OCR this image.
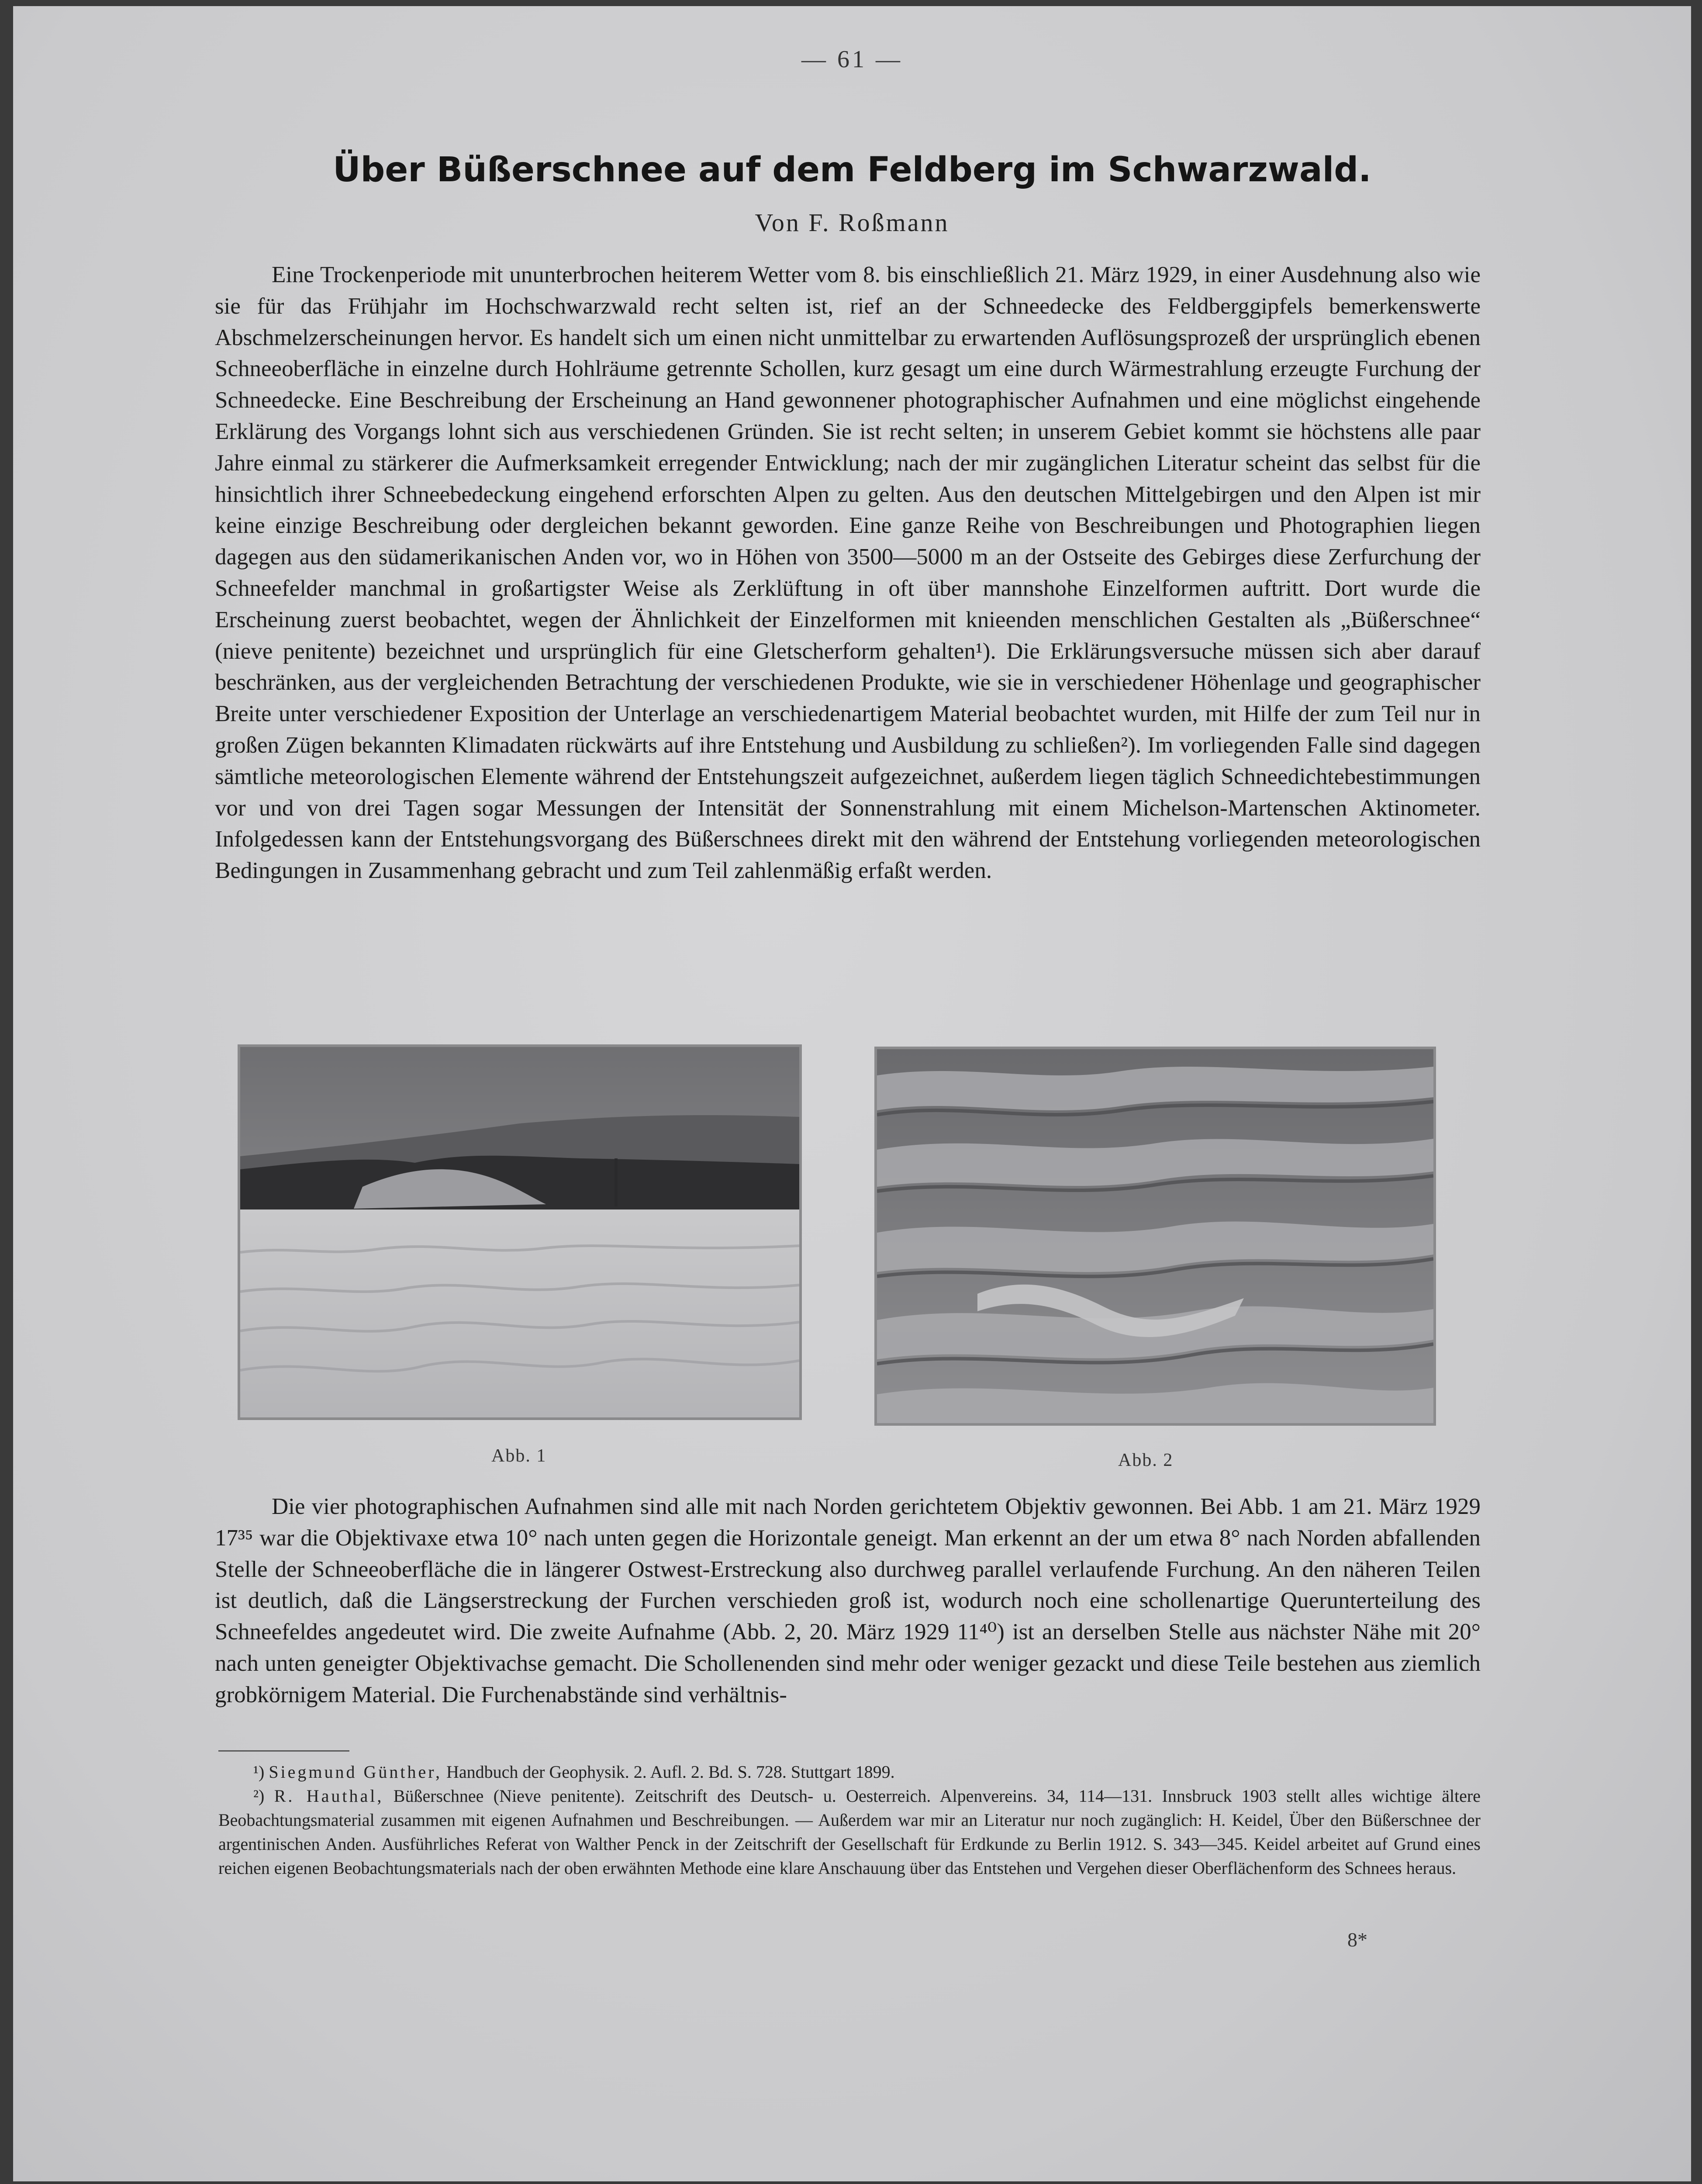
— 61 —
Über Büßerschnee auf dem Feldberg im Schwarzwald.
Von F. Roßmann

Eine Trockenperiode mit ununterbrochen heiterem Wetter vom 8. bis einschließlich 21. März 1929, in einer Ausdehnung also wie sie für das Frühjahr im Hochschwarzwald recht selten ist, rief an der Schneedecke des Feldberggipfels bemerkenswerte Abschmelzerscheinungen hervor. Es handelt sich um einen nicht unmittelbar zu erwartenden Auflösungsprozeß der ursprünglich ebenen Schneeoberfläche in einzelne durch Hohlräume getrennte Schollen, kurz gesagt um eine durch Wärmestrahlung erzeugte Furchung der Schneedecke. Eine Beschreibung der Erscheinung an Hand gewonnener photographischer Aufnahmen und eine möglichst eingehende Erklärung des Vorgangs lohnt sich aus verschiedenen Gründen. Sie ist recht selten; in unserem Gebiet kommt sie höchstens alle paar Jahre einmal zu stärkerer die Aufmerksamkeit erregender Entwicklung; nach der mir zugänglichen Literatur scheint das selbst für die hinsichtlich ihrer Schneebedeckung eingehend erforschten Alpen zu gelten. Aus den deutschen Mittelgebirgen und den Alpen ist mir keine einzige Beschreibung oder dergleichen bekannt geworden. Eine ganze Reihe von Beschreibungen und Photographien liegen dagegen aus den südamerikanischen Anden vor, wo in Höhen von 3500—5000 m an der Ostseite des Gebirges diese Zerfurchung der Schneefelder manchmal in großartigster Weise als Zerklüftung in oft über mannshohe Einzelformen auftritt. Dort wurde die Erscheinung zuerst beobachtet, wegen der Ähnlichkeit der Einzelformen mit knieenden menschlichen Gestalten als „Büßerschnee“ (nieve penitente) bezeichnet und ursprünglich für eine Gletscherform gehalten¹). Die Erklärungsversuche müssen sich aber darauf beschränken, aus der vergleichenden Betrachtung der verschiedenen Produkte, wie sie in verschiedener Höhenlage und geographischer Breite unter verschiedener Exposition der Unterlage an verschiedenartigem Material beobachtet wurden, mit Hilfe der zum Teil nur in großen Zügen bekannten Klimadaten rückwärts auf ihre Entstehung und Ausbildung zu schließen²). Im vorliegenden Falle sind dagegen sämtliche meteorologischen Elemente während der Entstehungszeit aufgezeichnet, außerdem liegen täglich Schneedichtebestimmungen vor und von drei Tagen sogar Messungen der Intensität der Sonnenstrahlung mit einem Michelson-Martenschen Aktinometer. Infolgedessen kann der Entstehungsvorgang des Büßerschnees direkt mit den während der Entstehung vorliegenden meteorologischen Bedingungen in Zusammenhang gebracht und zum Teil zahlenmäßig erfaßt werden.

Abb. 1	Abb. 2

Die vier photographischen Aufnahmen sind alle mit nach Norden gerichtetem Objektiv gewonnen. Bei Abb. 1 am 21. März 1929 17³⁵ war die Objektivaxe etwa 10° nach unten gegen die Horizontale geneigt. Man erkennt an der um etwa 8° nach Norden abfallenden Stelle der Schneeoberfläche die in längerer Ostwest-Erstreckung also durchweg parallel verlaufende Furchung. An den näheren Teilen ist deutlich, daß die Längserstreckung der Furchen verschieden groß ist, wodurch noch eine schollenartige Querunterteilung des Schneefeldes angedeutet wird. Die zweite Aufnahme (Abb. 2, 20. März 1929 11⁴⁰) ist an derselben Stelle aus nächster Nähe mit 20° nach unten geneigter Objektivachse gemacht. Die Schollenenden sind mehr oder weniger gezackt und diese Teile bestehen aus ziemlich grobkörnigem Material. Die Furchenabstände sind verhältnis-

¹) Siegmund Günther, Handbuch der Geophysik. 2. Aufl. 2. Bd. S. 728. Stuttgart 1899.

²) R. Hauthal, Büßerschnee (Nieve penitente). Zeitschrift des Deutsch- u. Oesterreich. Alpenvereins. 34, 114—131. Innsbruck 1903 stellt alles wichtige ältere Beobachtungsmaterial zusammen mit eigenen Aufnahmen und Beschreibungen. — Außerdem war mir an Literatur nur noch zugänglich: H. Keidel, Über den Büßerschnee der argentinischen Anden. Ausführliches Referat von Walther Penck in der Zeitschrift der Gesellschaft für Erdkunde zu Berlin 1912. S. 343—345. Keidel arbeitet auf Grund eines reichen eigenen Beobachtungsmaterials nach der oben erwähnten Methode eine klare Anschauung über das Entstehen und Vergehen dieser Oberflächenform des Schnees heraus.

8*
